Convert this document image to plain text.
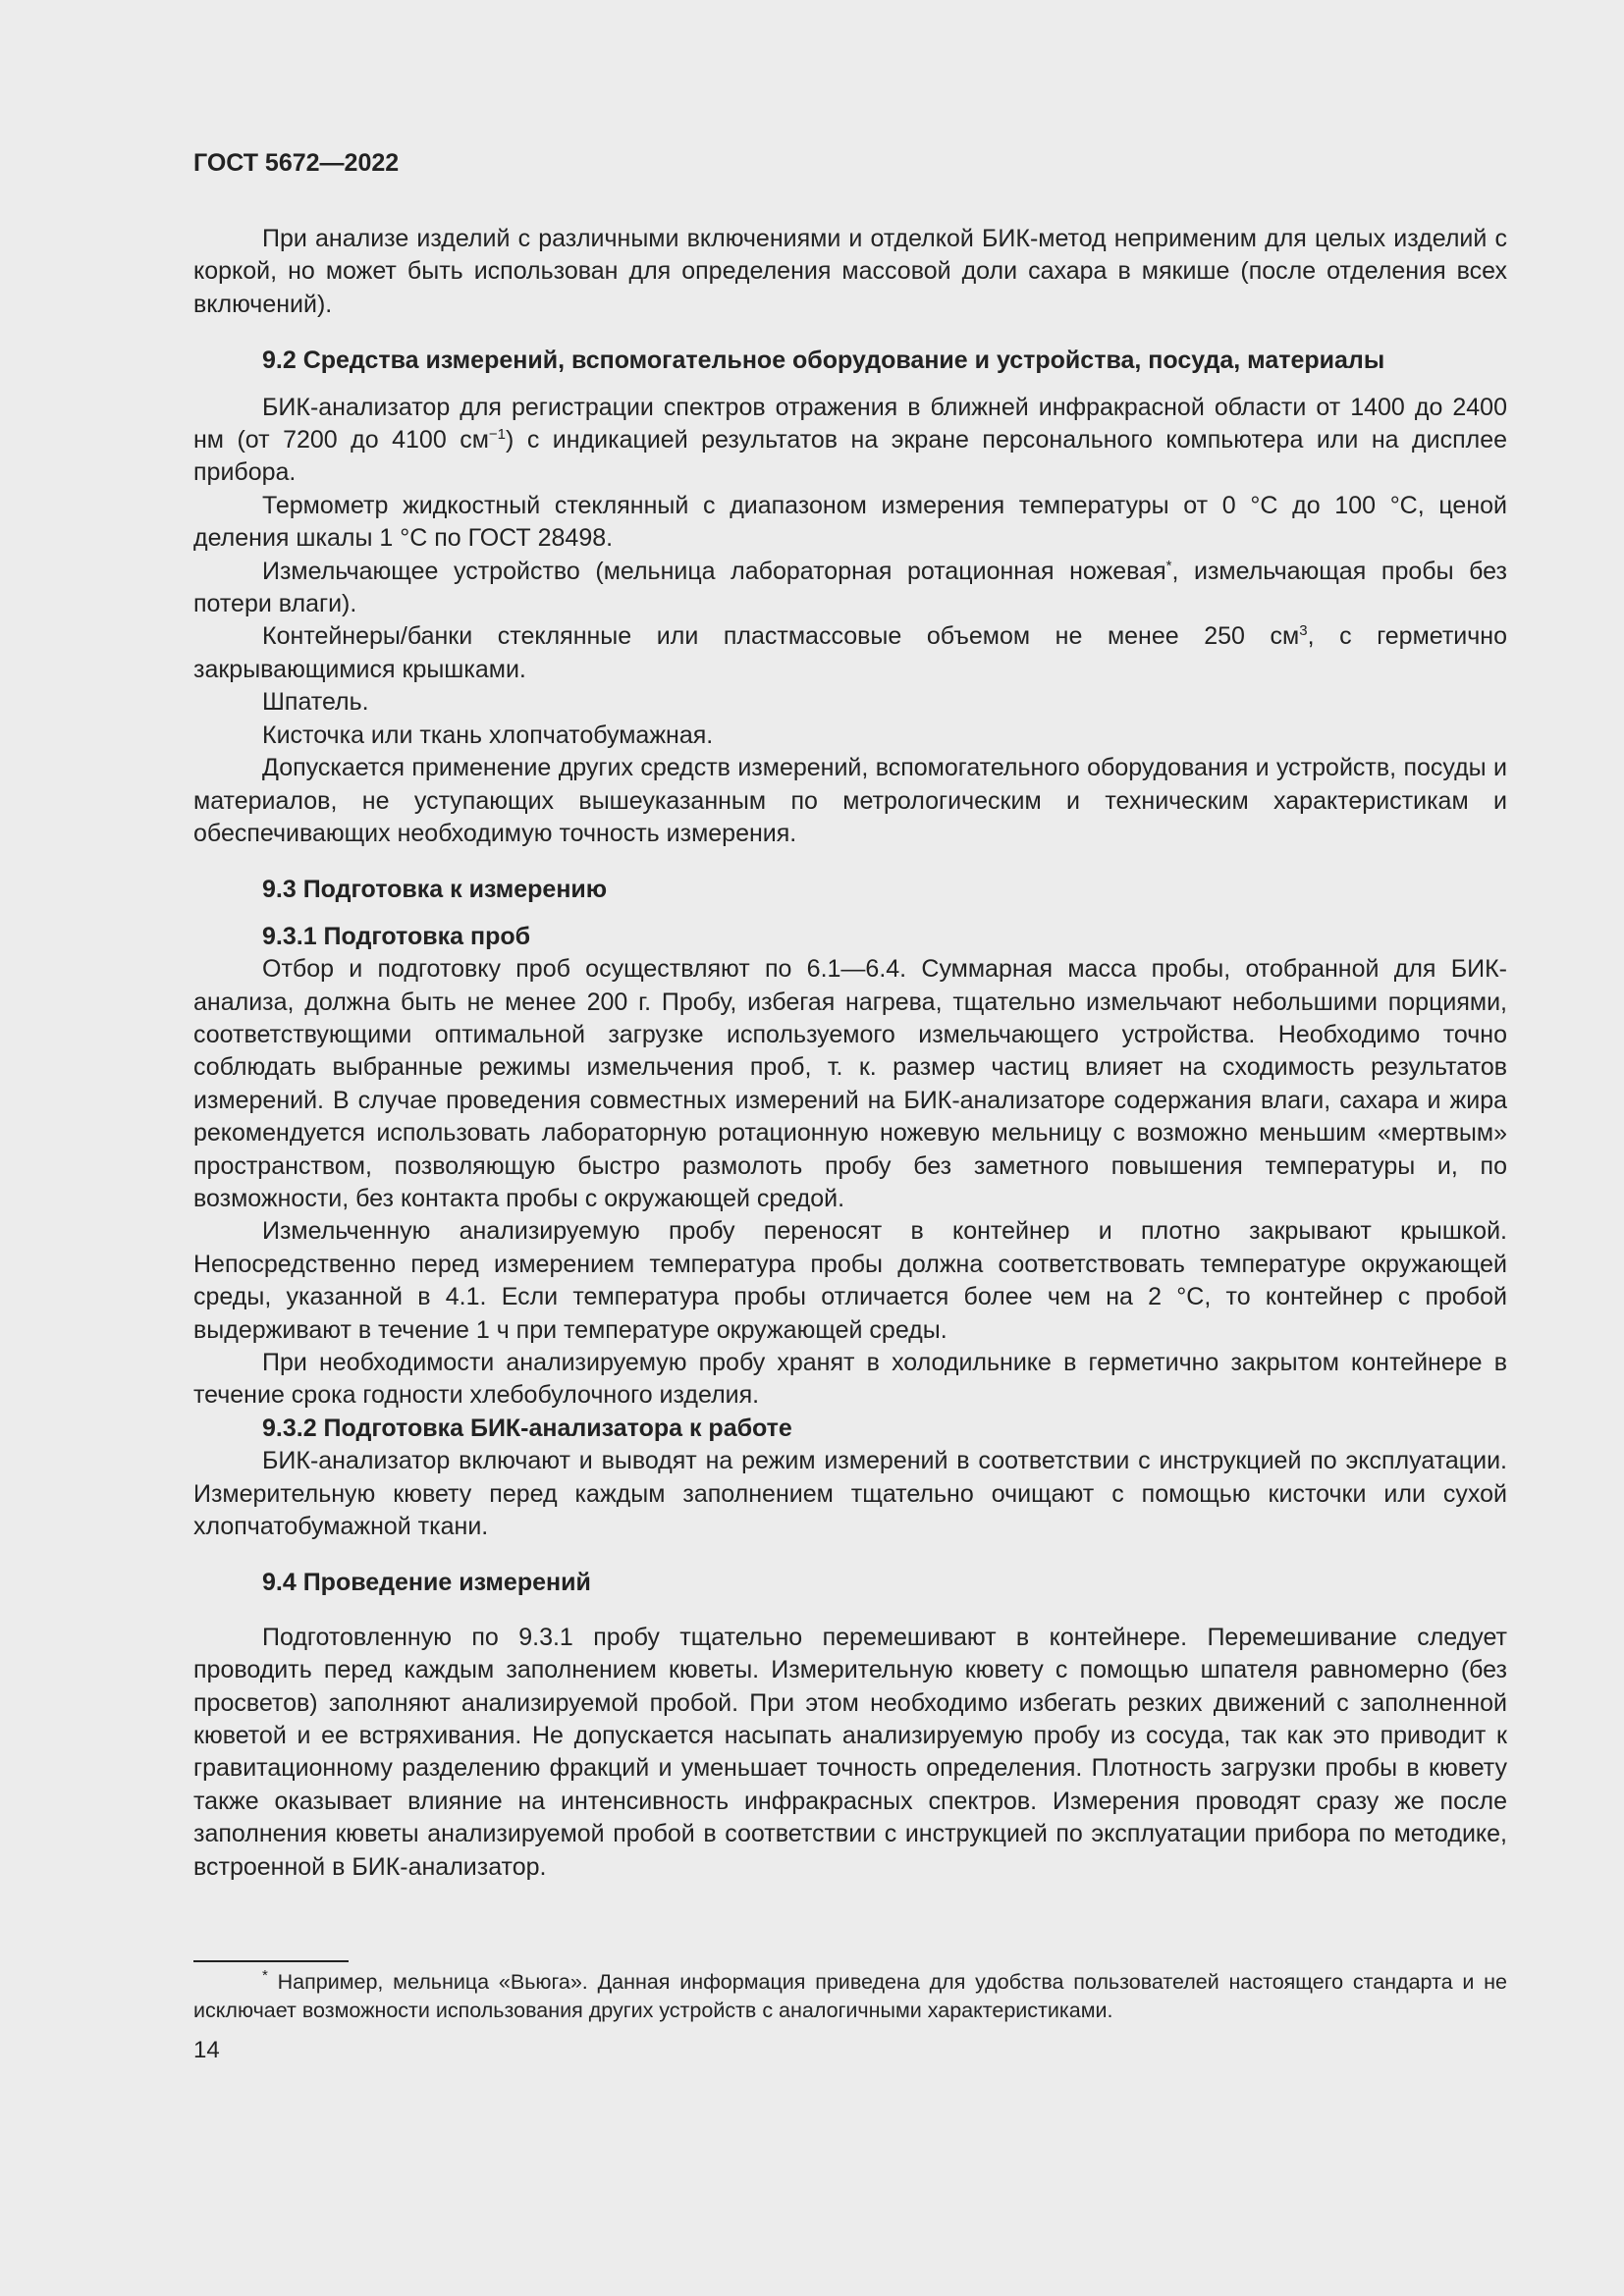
ГОСТ 5672—2022

При анализе изделий с различными включениями и отделкой БИК-метод неприменим для целых изделий с коркой, но может быть использован для определения массовой доли сахара в мякише (после отделения всех включений).

9.2 Средства измерений, вспомогательное оборудование и устройства, посуда, материалы

БИК-анализатор для регистрации спектров отражения в ближней инфракрасной области от 1400 до 2400 нм (от 7200 до 4100 $см^{-1}$) с индикацией результатов на экране персонального компьютера или на дисплее прибора.

Термометр жидкостный стеклянный с диапазоном измерения температуры от 0 °С до 100 °С, ценой деления шкалы 1 °С по ГОСТ 28498.

Измельчающее устройство (мельница лабораторная ротационная ножевая*, измельчающая пробы без потери влаги).

Контейнеры/банки стеклянные или пластмассовые объемом не менее 250 $см^3$, с герметично закрывающимися крышками.

Шпатель.

Кисточка или ткань хлопчатобумажная.

Допускается применение других средств измерений, вспомогательного оборудования и устройств, посуды и материалов, не уступающих вышеуказанным по метрологическим и техническим характеристикам и обеспечивающих необходимую точность измерения.

9.3 Подготовка к измерению
9.3.1 Подготовка проб

Отбор и подготовку проб осуществляют по 6.1—6.4. Суммарная масса пробы, отобранной для БИК-анализа, должна быть не менее 200 г. Пробу, избегая нагрева, тщательно измельчают небольшими порциями, соответствующими оптимальной загрузке используемого измельчающего устройства. Необходимо точно соблюдать выбранные режимы измельчения проб, т. к. размер частиц влияет на сходимость результатов измерений. В случае проведения совместных измерений на БИК-анализаторе содержания влаги, сахара и жира рекомендуется использовать лабораторную ротационную ножевую мельницу с возможно меньшим «мертвым» пространством, позволяющую быстро размолоть пробу без заметного повышения температуры и, по возможности, без контакта пробы с окружающей средой.

Измельченную анализируемую пробу переносят в контейнер и плотно закрывают крышкой. Непосредственно перед измерением температура пробы должна соответствовать температуре окружающей среды, указанной в 4.1. Если температура пробы отличается более чем на 2 °С, то контейнер с пробой выдерживают в течение 1 ч при температуре окружающей среды.

При необходимости анализируемую пробу хранят в холодильнике в герметично закрытом контейнере в течение срока годности хлебобулочного изделия.

9.3.2 Подготовка БИК-анализатора к работе

БИК-анализатор включают и выводят на режим измерений в соответствии с инструкцией по эксплуатации. Измерительную кювету перед каждым заполнением тщательно очищают с помощью кисточки или сухой хлопчатобумажной ткани.

9.4 Проведение измерений

Подготовленную по 9.3.1 пробу тщательно перемешивают в контейнере. Перемешивание следует проводить перед каждым заполнением кюветы. Измерительную кювету с помощью шпателя равномерно (без просветов) заполняют анализируемой пробой. При этом необходимо избегать резких движений с заполненной кюветой и ее встряхивания. Не допускается насыпать анализируемую пробу из сосуда, так как это приводит к гравитационному разделению фракций и уменьшает точность определения. Плотность загрузки пробы в кювету также оказывает влияние на интенсивность инфракрасных спектров. Измерения проводят сразу же после заполнения кюветы анализируемой пробой в соответствии с инструкцией по эксплуатации прибора по методике, встроенной в БИК-анализатор.

* Например, мельница «Вьюга». Данная информация приведена для удобства пользователей настоящего стандарта и не исключает возможности использования других устройств с аналогичными характеристиками.

14
